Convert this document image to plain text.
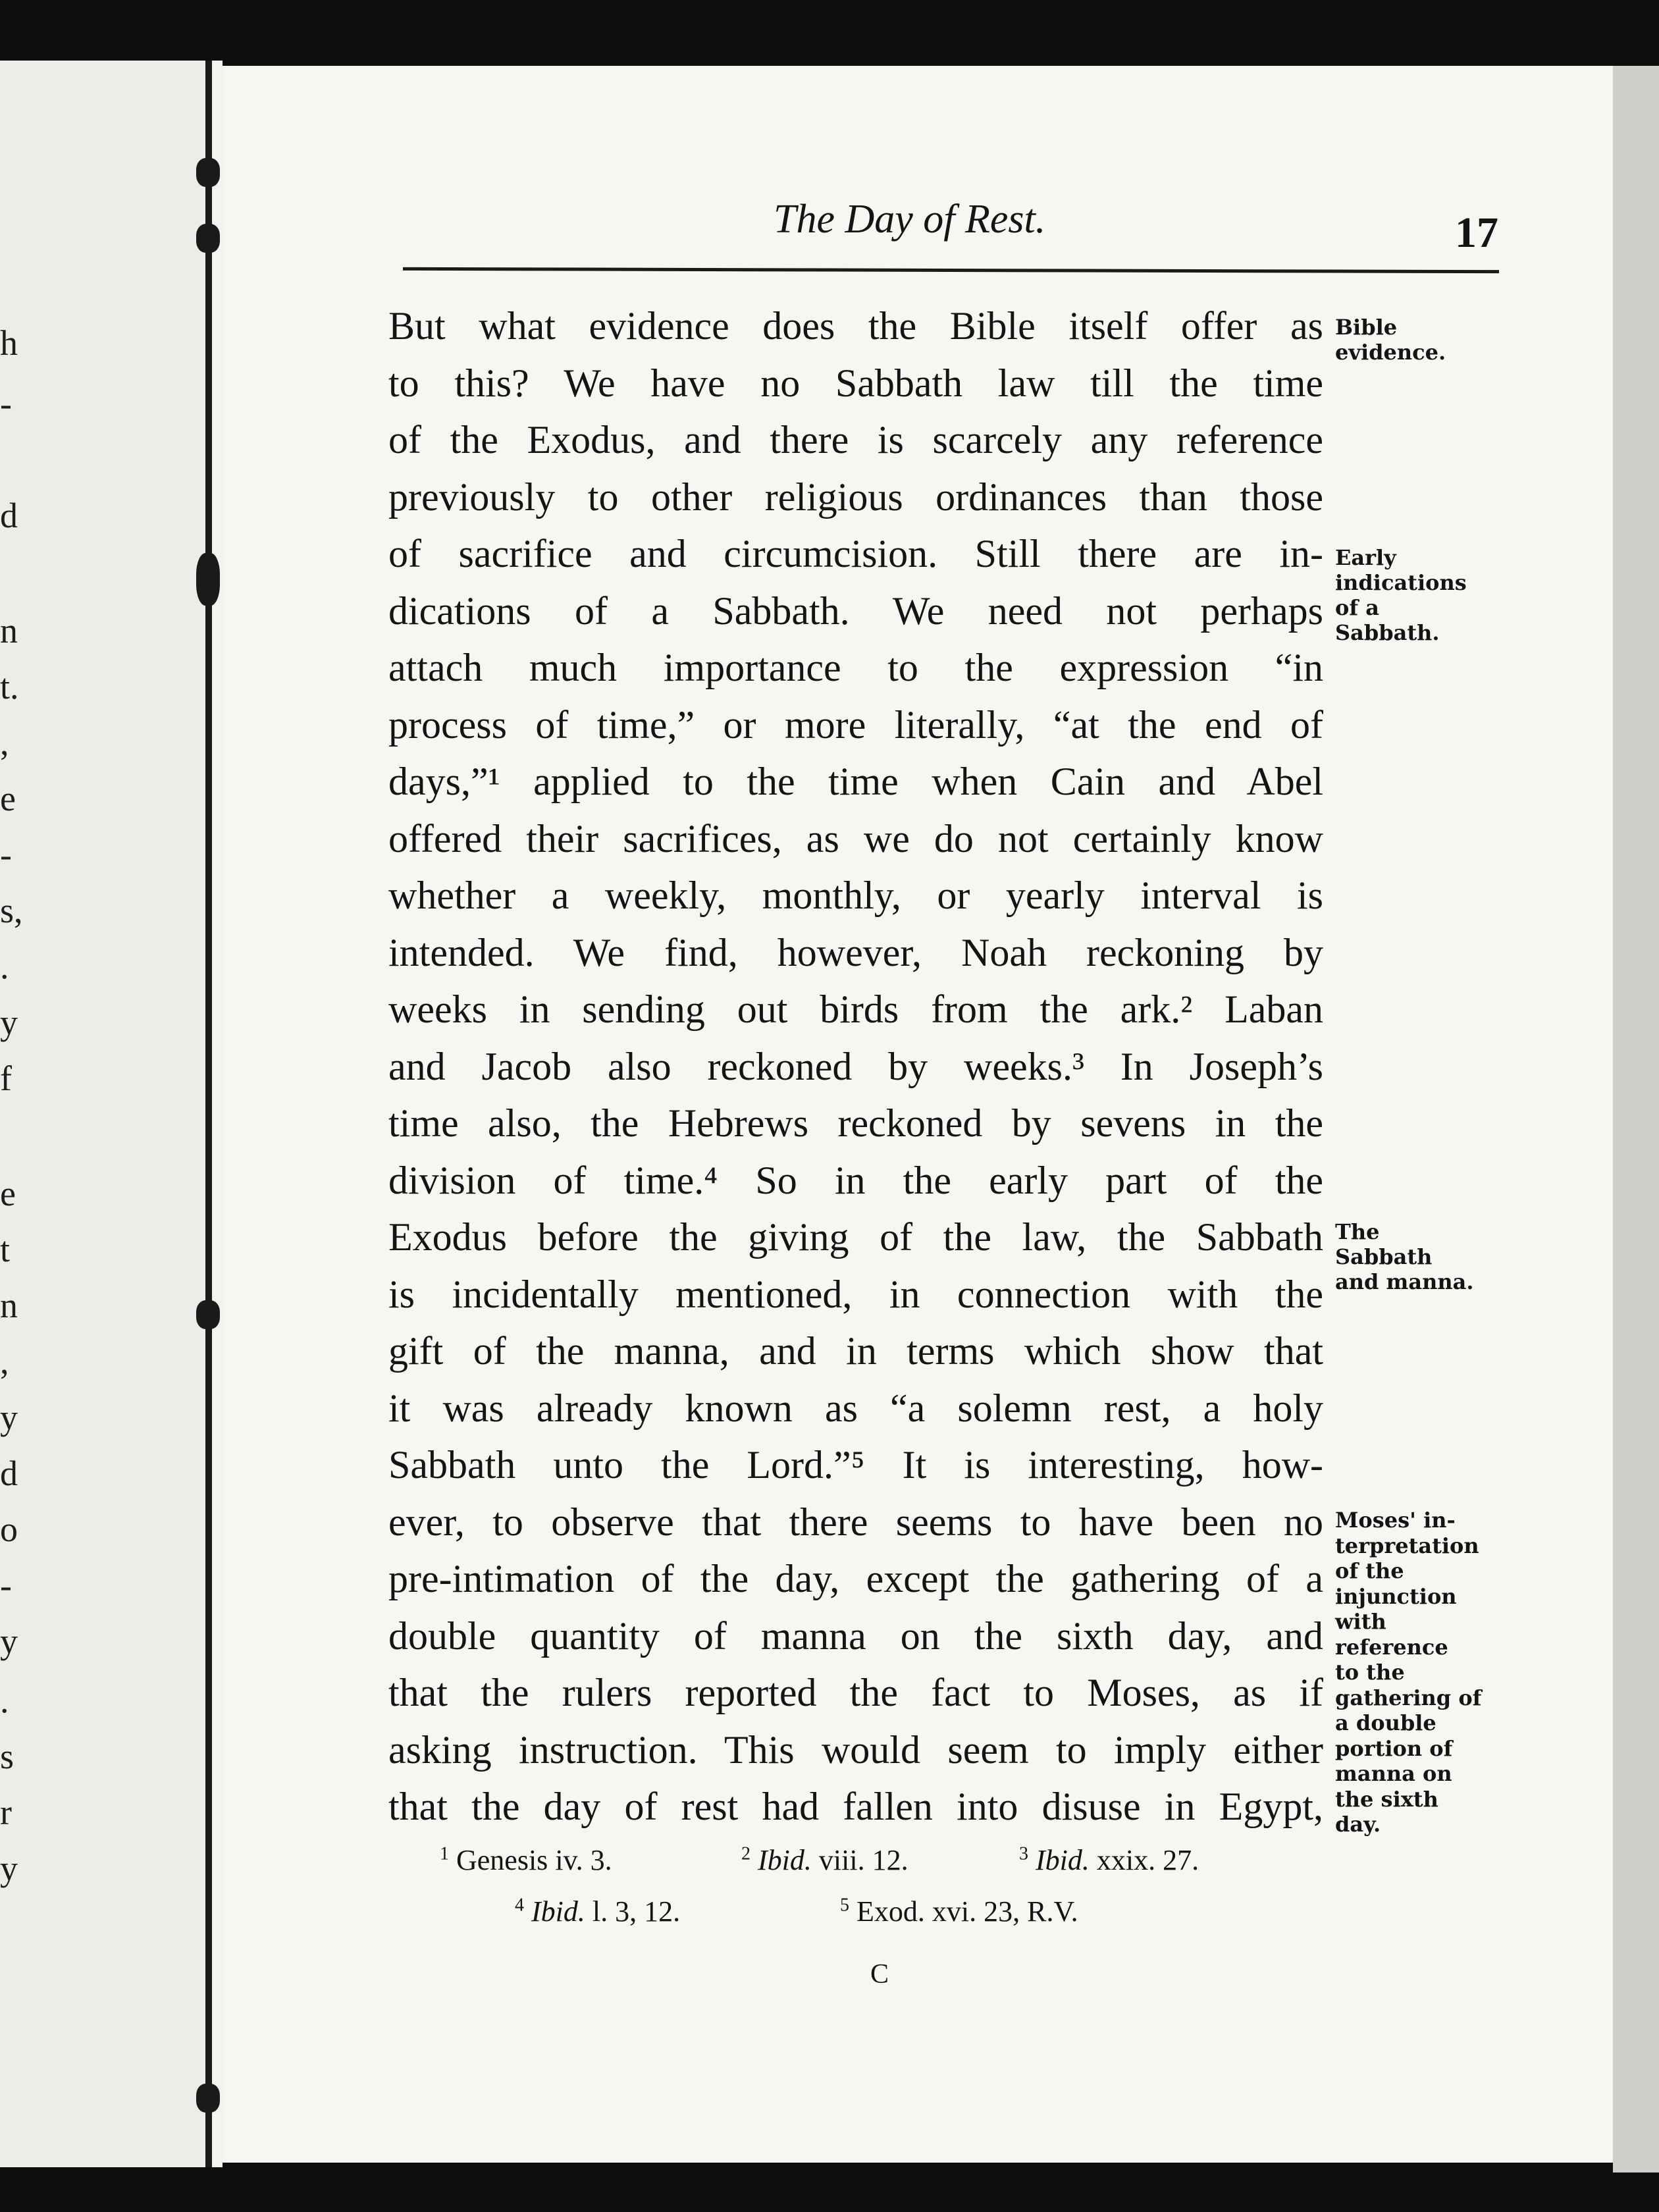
h
-
d
n
t.
,
e
-
s,
.
y
f
e
t
n
,
y
d
o
-
y
.
s
r
y
The Day of Rest.	17
But what evidence does the Bible itself offer as
to this? We have no Sabbath law till the time
of the Exodus, and there is scarcely any reference
previously to other religious ordinances than those
of sacrifice and circumcision. Still there are in-
dications of a Sabbath. We need not perhaps
attach much importance to the expression “in
process of time,” or more literally, “at the end of
days,”¹ applied to the time when Cain and Abel
offered their sacrifices, as we do not certainly know
whether a weekly, monthly, or yearly interval is
intended. We find, however, Noah reckoning by
weeks in sending out birds from the ark.² Laban
and Jacob also reckoned by weeks.³ In Joseph’s
time also, the Hebrews reckoned by sevens in the
division of time.⁴ So in the early part of the
Exodus before the giving of the law, the Sabbath
is incidentally mentioned, in connection with the
gift of the manna, and in terms which show that
it was already known as “a solemn rest, a holy
Sabbath unto the Lord.”⁵ It is interesting, how-
ever, to observe that there seems to have been no
pre-intimation of the day, except the gathering of a
double quantity of manna on the sixth day, and
that the rulers reported the fact to Moses, as if
asking instruction. This would seem to imply either
that the day of rest had fallen into disuse in Egypt,
Bible
evidence.
Early
indications
of a
Sabbath.
The
Sabbath
and manna.
Moses' in-
terpretation
of the
injunction
with
reference
to the
gathering of
a double
portion of
manna on
the sixth
day.
$^1$ Genesis iv. 3.	$^2$ Ibid. viii. 12.	$^3$ Ibid. xxix. 27.
$^4$ Ibid. l. 3, 12.	$^5$ Exod. xvi. 23, R.V.
C
